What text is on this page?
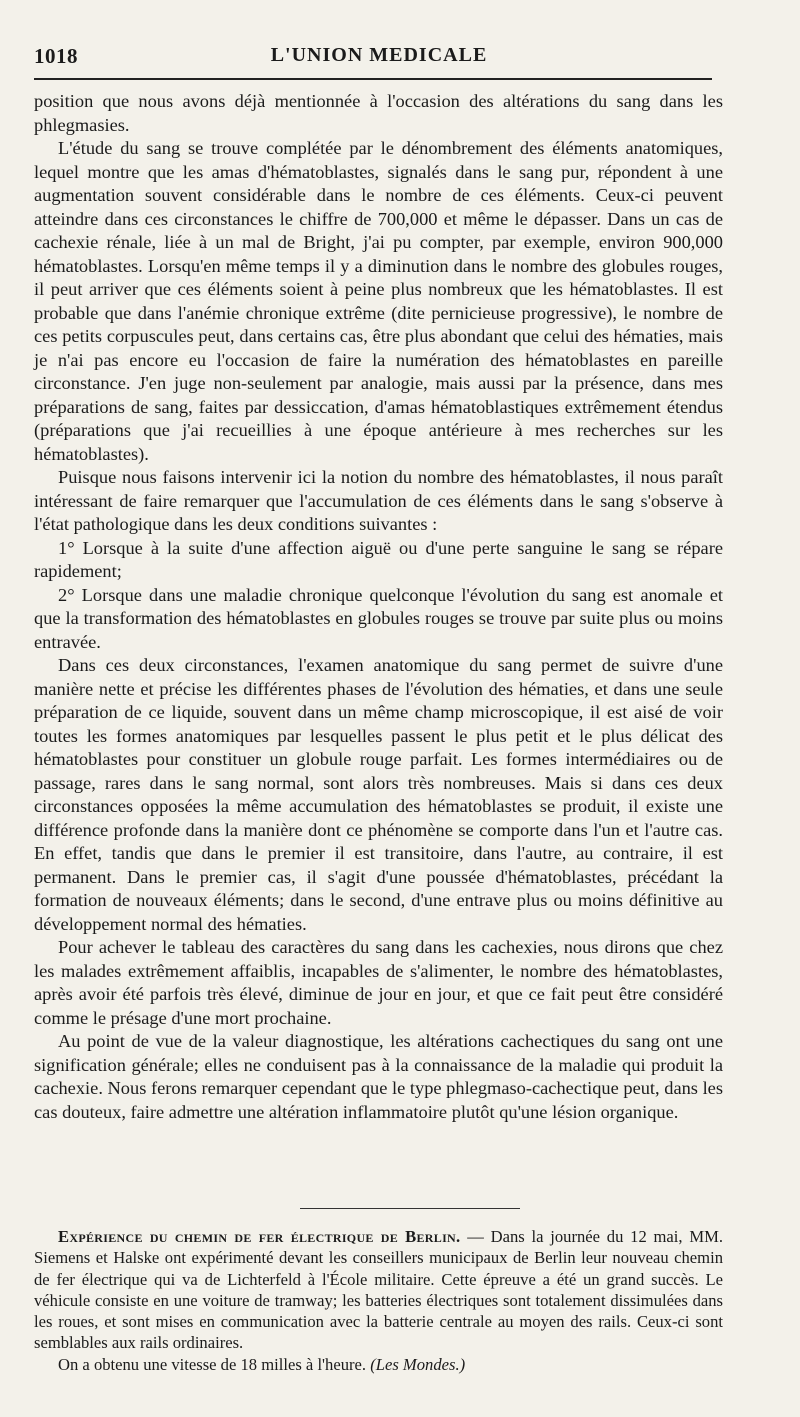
1018	L'UNION MEDICALE

position que nous avons déjà mentionnée à l'occasion des altérations du sang dans les phlegmasies.

L'étude du sang se trouve complétée par le dénombrement des éléments anatomiques, lequel montre que les amas d'hématoblastes, signalés dans le sang pur, répondent à une augmentation souvent considérable dans le nombre de ces éléments. Ceux-ci peuvent atteindre dans ces circonstances le chiffre de 700,000 et même le dépasser. Dans un cas de cachexie rénale, liée à un mal de Bright, j'ai pu compter, par exemple, environ 900,000 hématoblastes. Lorsqu'en même temps il y a diminution dans le nombre des globules rouges, il peut arriver que ces éléments soient à peine plus nombreux que les hématoblastes. Il est probable que dans l'anémie chronique extrême (dite pernicieuse progressive), le nombre de ces petits corpuscules peut, dans certains cas, être plus abondant que celui des hématies, mais je n'ai pas encore eu l'occasion de faire la numération des hématoblastes en pareille circonstance. J'en juge non-seulement par analogie, mais aussi par la présence, dans mes préparations de sang, faites par dessiccation, d'amas hématoblastiques extrêmement étendus (préparations que j'ai recueillies à une époque antérieure à mes recherches sur les hématoblastes).

Puisque nous faisons intervenir ici la notion du nombre des hématoblastes, il nous paraît intéressant de faire remarquer que l'accumulation de ces éléments dans le sang s'observe à l'état pathologique dans les deux conditions suivantes :

1° Lorsque à la suite d'une affection aiguë ou d'une perte sanguine le sang se répare rapidement;

2° Lorsque dans une maladie chronique quelconque l'évolution du sang est anomale et que la transformation des hématoblastes en globules rouges se trouve par suite plus ou moins entravée.

Dans ces deux circonstances, l'examen anatomique du sang permet de suivre d'une manière nette et précise les différentes phases de l'évolution des hématies, et dans une seule préparation de ce liquide, souvent dans un même champ microscopique, il est aisé de voir toutes les formes anatomiques par lesquelles passent le plus petit et le plus délicat des hématoblastes pour constituer un globule rouge parfait. Les formes intermédiaires ou de passage, rares dans le sang normal, sont alors très nombreuses. Mais si dans ces deux circonstances opposées la même accumulation des hématoblastes se produit, il existe une différence profonde dans la manière dont ce phénomène se comporte dans l'un et l'autre cas. En effet, tandis que dans le premier il est transitoire, dans l'autre, au contraire, il est permanent. Dans le premier cas, il s'agit d'une poussée d'hématoblastes, précédant la formation de nouveaux éléments; dans le second, d'une entrave plus ou moins définitive au développement normal des hématies.

Pour achever le tableau des caractères du sang dans les cachexies, nous dirons que chez les malades extrêmement affaiblis, incapables de s'alimenter, le nombre des hématoblastes, après avoir été parfois très élevé, diminue de jour en jour, et que ce fait peut être considéré comme le présage d'une mort prochaine.

Au point de vue de la valeur diagnostique, les altérations cachectiques du sang ont une signification générale; elles ne conduisent pas à la connaissance de la maladie qui produit la cachexie. Nous ferons remarquer cependant que le type phlegmaso-cachectique peut, dans les cas douteux, faire admettre une altération inflammatoire plutôt qu'une lésion organique.

Expérience du chemin de fer électrique de Berlin. — Dans la journée du 12 mai, MM. Siemens et Halske ont expérimenté devant les conseillers municipaux de Berlin leur nouveau chemin de fer électrique qui va de Lichterfeld à l'École militaire. Cette épreuve a été un grand succès. Le véhicule consiste en une voiture de tramway; les batteries électriques sont totalement dissimulées dans les roues, et sont mises en communication avec la batterie centrale au moyen des rails. Ceux-ci sont semblables aux rails ordinaires.

On a obtenu une vitesse de 18 milles à l'heure. (Les Mondes.)
